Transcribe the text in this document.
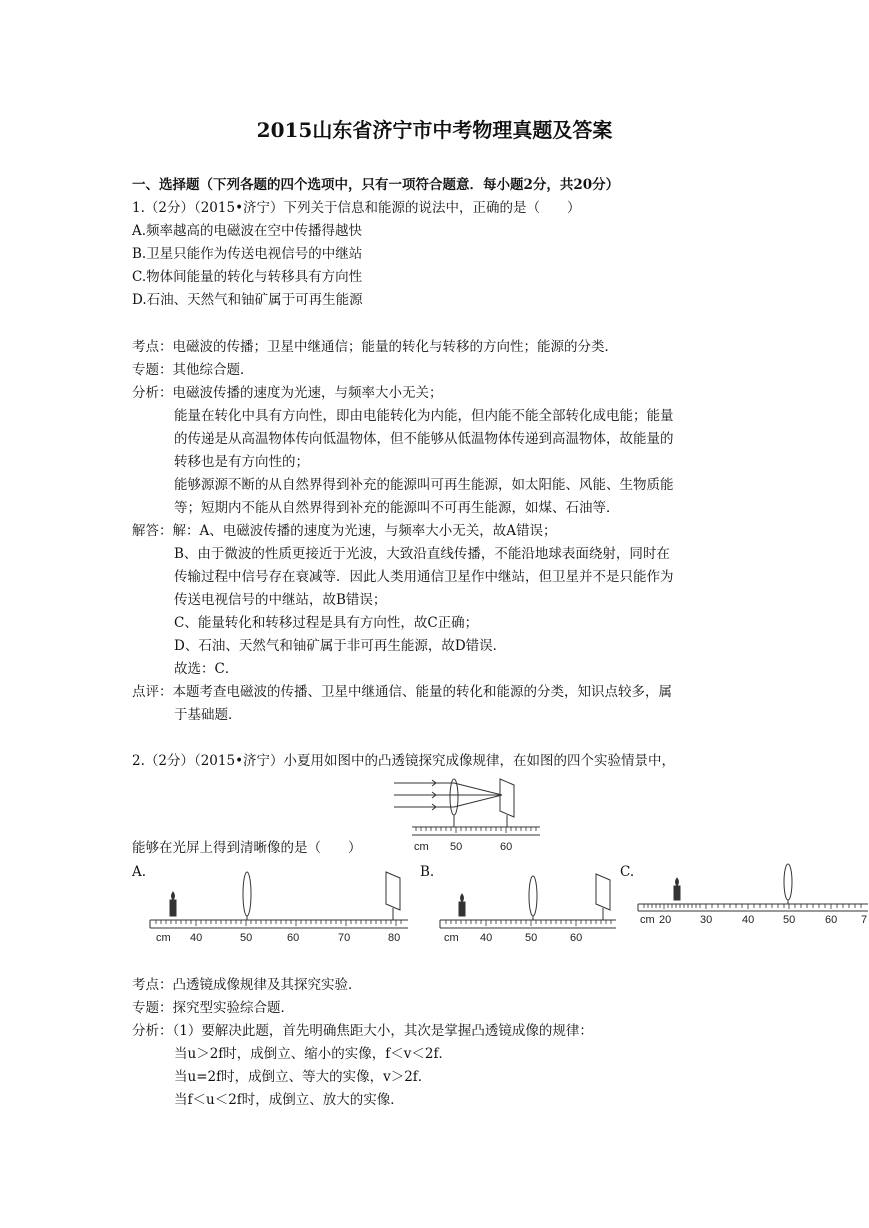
2015山东省济宁市中考物理真题及答案
一、选择题（下列各题的四个选项中，只有一项符合题意．每小题2分，共20分）
1.（2分）（2015•济宁）下列关于信息和能源的说法中，正确的是（　　）
A.频率越高的电磁波在空中传播得越快
B.卫星只能作为传送电视信号的中继站
C.物体间能量的转化与转移具有方向性
D.石油、天然气和铀矿属于可再生能源
考点：电磁波的传播；卫星中继通信；能量的转化与转移的方向性；能源的分类．
专题：其他综合题．
分析：电磁波传播的速度为光速，与频率大小无关；
能量在转化中具有方向性，即由电能转化为内能，但内能不能全部转化成电能；能量
的传递是从高温物体传向低温物体，但不能够从低温物体传递到高温物体，故能量的
转移也是有方向性的；
能够源源不断的从自然界得到补充的能源叫可再生能源，如太阳能、风能、生物质能
等；短期内不能从自然界得到补充的能源叫不可再生能源，如煤、石油等．
解答：解：A、电磁波传播的速度为光速，与频率大小无关，故A错误；
B、由于微波的性质更接近于光波，大致沿直线传播，不能沿地球表面绕射，同时在
传输过程中信号存在衰减等．因此人类用通信卫星作中继站，但卫星并不是只能作为
传送电视信号的中继站，故B错误；
C、能量转化和转移过程是具有方向性，故C正确；
D、石油、天然气和铀矿属于非可再生能源，故D错误．
故选：C．
点评：本题考查电磁波的传播、卫星中继通信、能量的转化和能源的分类，知识点较多，属
于基础题．
2.（2分）（2015•济宁）小夏用如图中的凸透镜探究成像规律，在如图的四个实验情景中，
cm 50	60
能够在光屏上得到清晰像的是（　　）
A.	B.	C.
cm 40	50	60	70	80	cm 40	50	60
cm 20	30	40	50	60 7
考点：凸透镜成像规律及其探究实验．
专题：探究型实验综合题．
分析：（1）要解决此题，首先明确焦距大小，其次是掌握凸透镜成像的规律：
当u＞2f时，成倒立、缩小的实像，f＜v＜2f．
当u=2f时，成倒立、等大的实像，v＞2f．
当f＜u＜2f时，成倒立、放大的实像．
